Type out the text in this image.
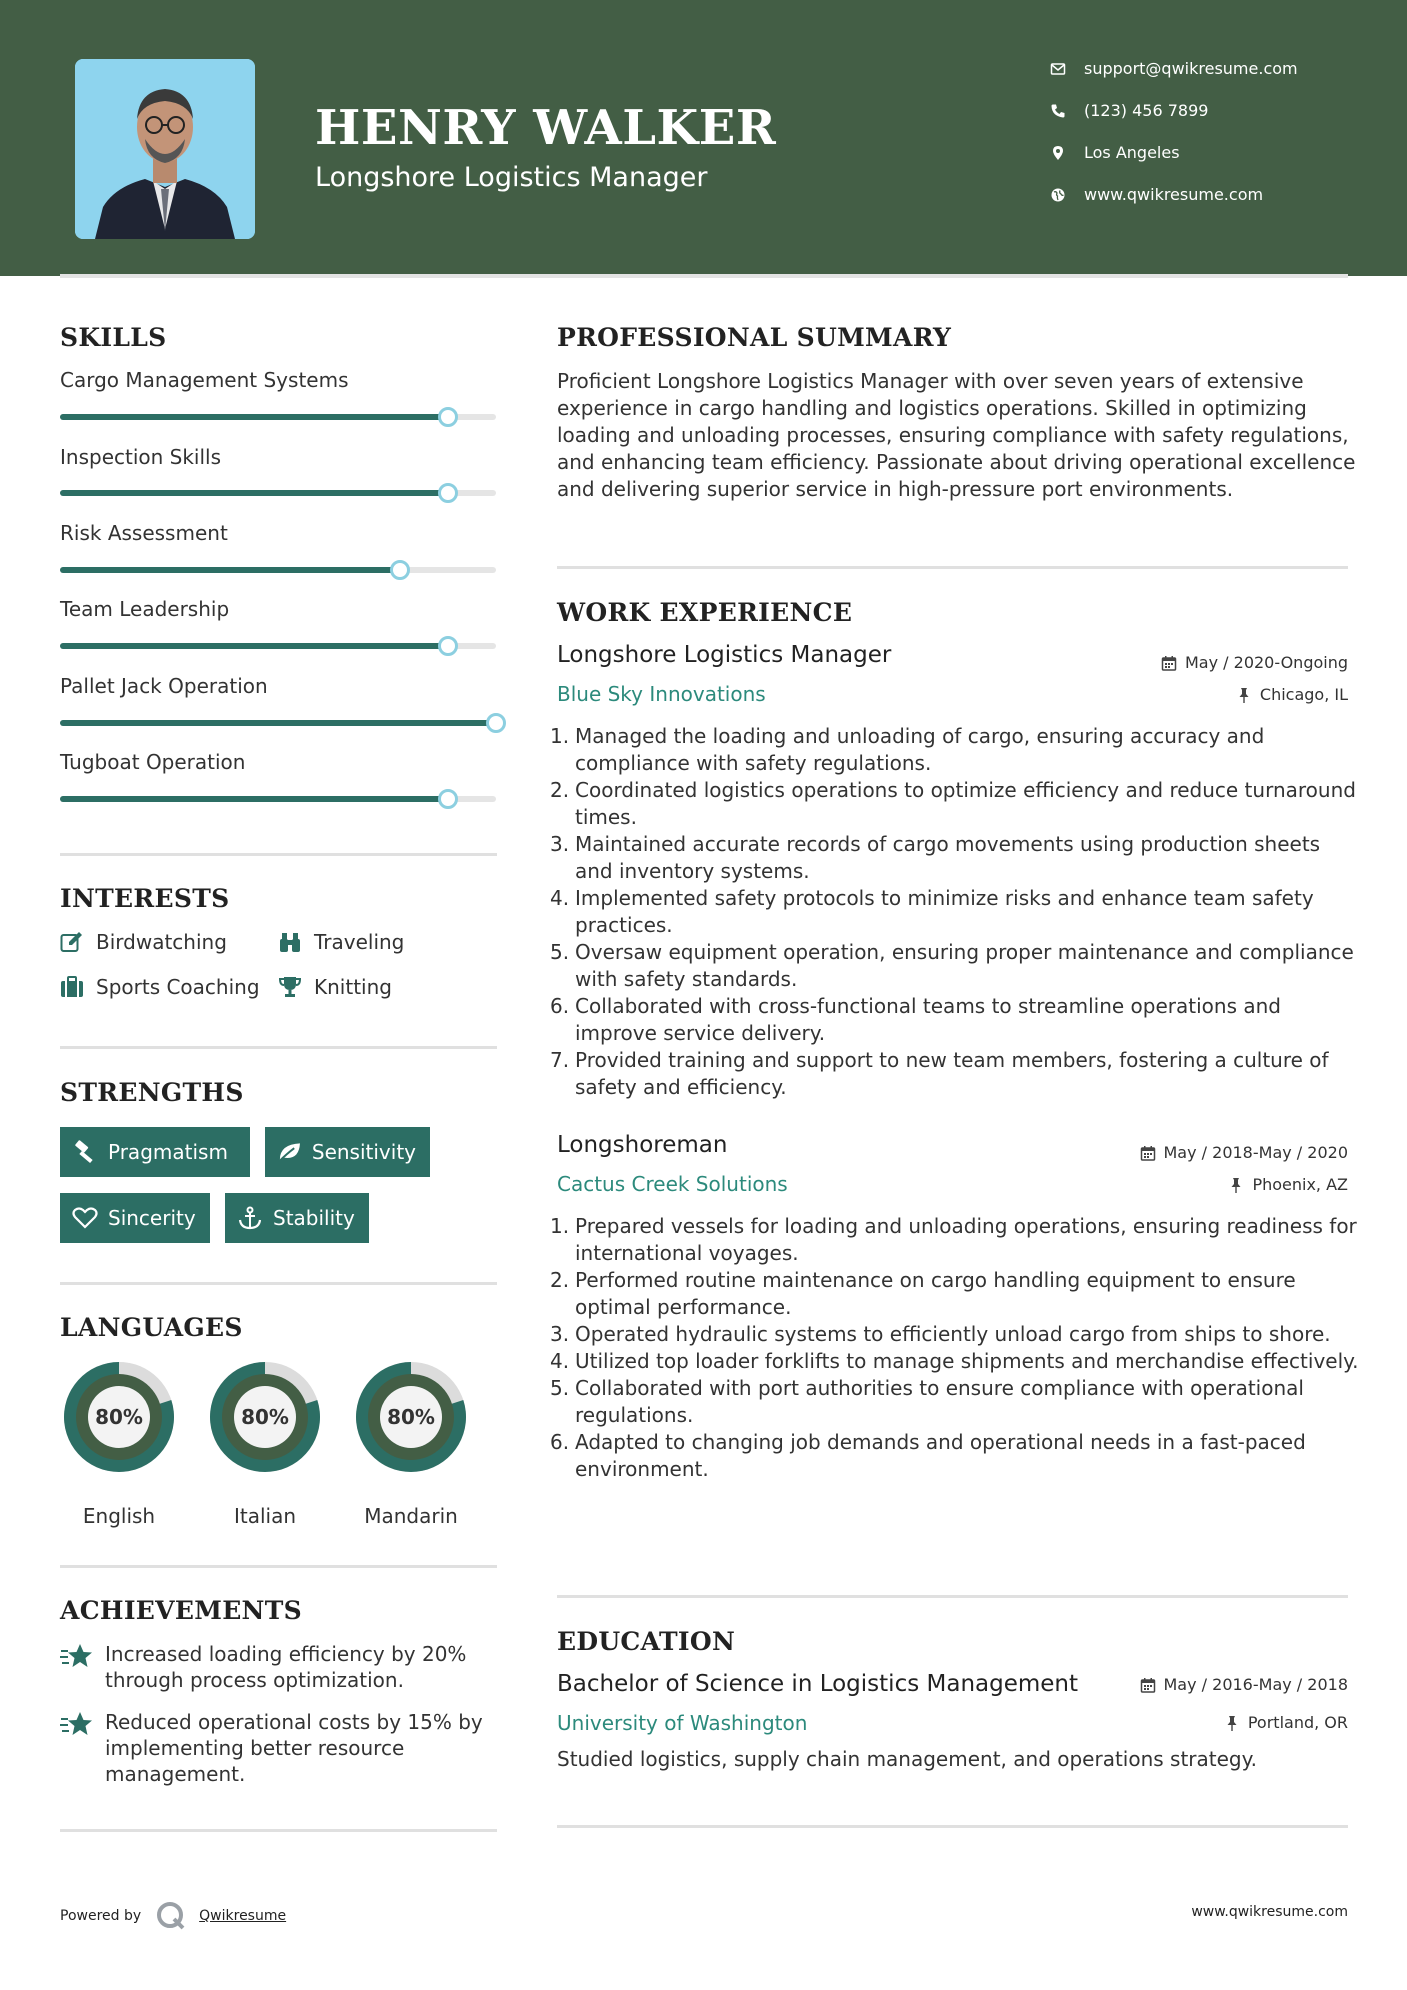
HENRY WALKER
Longshore Logistics Manager
support@qwikresume.com
(123) 456 7899
Los Angeles
www.qwikresume.com
SKILLS
Cargo Management Systems
Inspection Skills
Risk Assessment
Team Leadership
Pallet Jack Operation
Tugboat Operation
INTERESTS
Birdwatching	Traveling
Sports Coaching	Knitting
STRENGTHS
Pragmatism	Sensitivity
Sincerity	Stability
LANGUAGES
80%
English
80%
Italian
80%
Mandarin
ACHIEVEMENTS
Increased loading efficiency by 20% through process optimization.
Reduced operational costs by 15% by implementing better resource management.
PROFESSIONAL SUMMARY
Proficient Longshore Logistics Manager with over seven years of extensive experience in cargo handling and logistics operations. Skilled in optimizing loading and unloading processes, ensuring compliance with safety regulations, and enhancing team efficiency. Passionate about driving operational excellence and delivering superior service in high-pressure port environments.
WORK EXPERIENCE
Longshore Logistics Manager	May / 2020-Ongoing
Blue Sky Innovations	Chicago, IL
1. Managed the loading and unloading of cargo, ensuring accuracy and compliance with safety regulations.
2. Coordinated logistics operations to optimize efficiency and reduce turnaround times.
3. Maintained accurate records of cargo movements using production sheets and inventory systems.
4. Implemented safety protocols to minimize risks and enhance team safety practices.
5. Oversaw equipment operation, ensuring proper maintenance and compliance with safety standards.
6. Collaborated with cross-functional teams to streamline operations and improve service delivery.
7. Provided training and support to new team members, fostering a culture of safety and efficiency.
Longshoreman	May / 2018-May / 2020
Cactus Creek Solutions	Phoenix, AZ
1. Prepared vessels for loading and unloading operations, ensuring readiness for international voyages.
2. Performed routine maintenance on cargo handling equipment to ensure optimal performance.
3. Operated hydraulic systems to efficiently unload cargo from ships to shore.
4. Utilized top loader forklifts to manage shipments and merchandise effectively.
5. Collaborated with port authorities to ensure compliance with operational regulations.
6. Adapted to changing job demands and operational needs in a fast-paced environment.
EDUCATION
Bachelor of Science in Logistics Management	May / 2016-May / 2018
University of Washington	Portland, OR
Studied logistics, supply chain management, and operations strategy.
Powered by	Qwikresume	www.qwikresume.com
